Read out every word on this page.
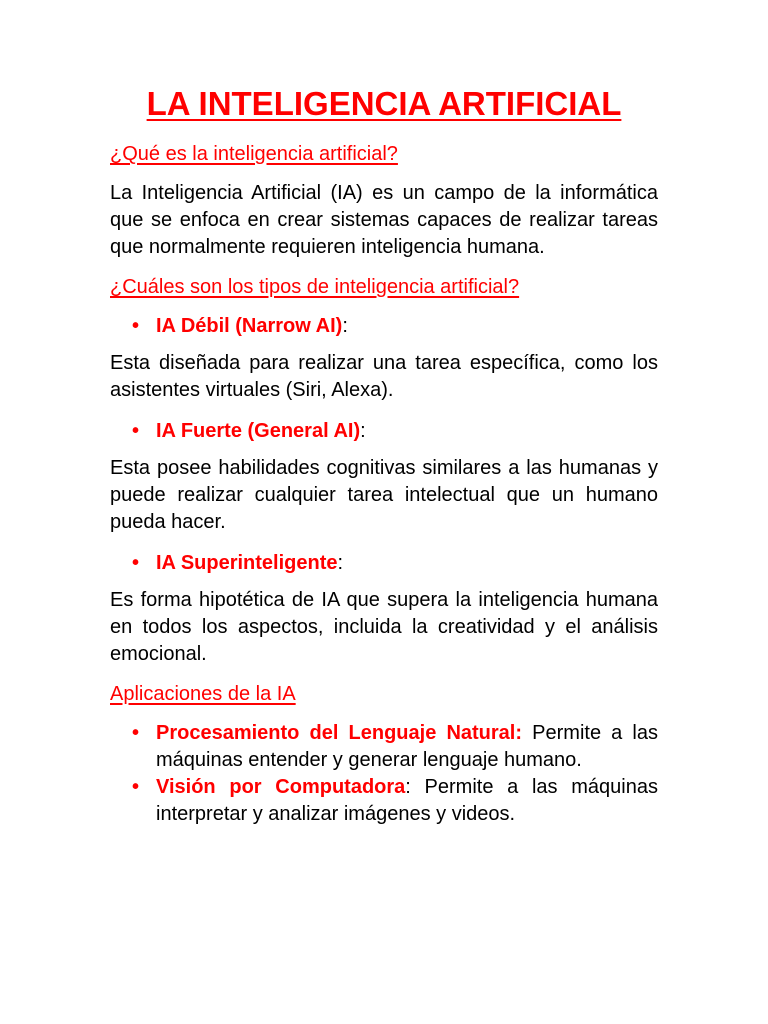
LA INTELIGENCIA ARTIFICIAL
¿Qué es la inteligencia artificial?
La Inteligencia Artificial (IA) es un campo de la informática que se enfoca en crear sistemas capaces de realizar tareas que normalmente requieren inteligencia humana.
¿Cuáles son los tipos de inteligencia artificial?
• IA Débil (Narrow AI):
Esta diseñada para realizar una tarea específica, como los asistentes virtuales (Siri, Alexa).
• IA Fuerte (General AI):
Esta posee habilidades cognitivas similares a las humanas y puede realizar cualquier tarea intelectual que un humano pueda hacer.
• IA Superinteligente:
Es forma hipotética de IA que supera la inteligencia humana en todos los aspectos, incluida la creatividad y el análisis emocional.
Aplicaciones de la IA
• Procesamiento del Lenguaje Natural: Permite a las máquinas entender y generar lenguaje humano.
• Visión por Computadora: Permite a las máquinas interpretar y analizar imágenes y videos.
